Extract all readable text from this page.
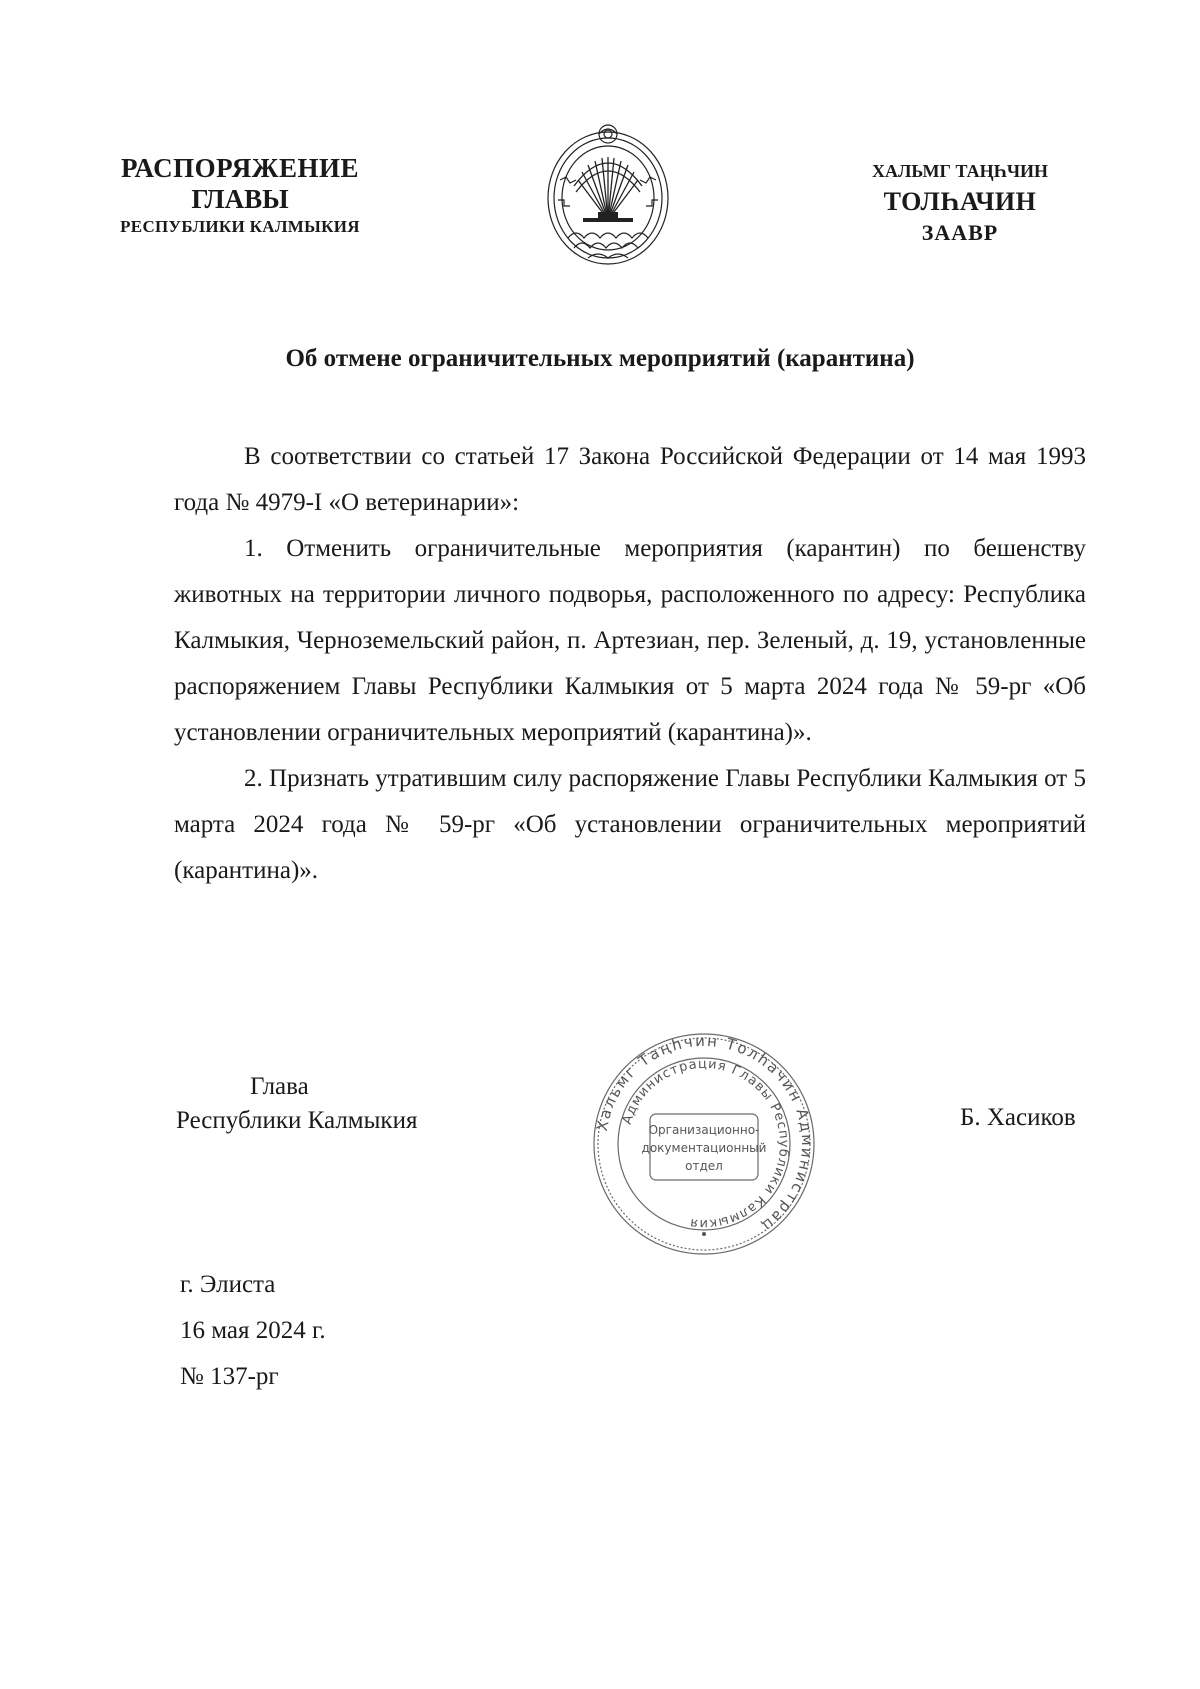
РАСПОРЯЖЕНИЕ
ГЛАВЫ
РЕСПУБЛИКИ КАЛМЫКИЯ
ХАЛЬМГ ТАҢҺЧИН
ТОЛҺАЧИН
ЗААВР
Об отмене ограничительных мероприятий (карантина)

В соответствии со статьей 17 Закона Российской Федерации от 14 мая 1993 года № 4979-I «О ветеринарии»:

1. Отменить ограничительные мероприятия (карантин) по бешенству животных на территории личного подворья, расположенного по адресу: Республика Калмыкия, Черноземельский район, п. Артезиан, пер. Зеленый, д. 19, установленные распоряжением Главы Республики Калмыкия от 5 марта 2024 года № 59-рг «Об установлении ограничительных мероприятий (карантина)».

2. Признать утратившим силу распоряжение Главы Республики Калмыкия от 5 марта 2024 года № 59-рг «Об установлении ограничительных мероприятий (карантина)».

Глава
Республики Калмыкия	Хальмг Таңһчин Толһачин Администрац
Администрация Главы Республики Калмыкия
Организационно-
документационный
отдел
Б. Хасиков
г. Элиста
16 мая 2024 г.
№ 137-рг
